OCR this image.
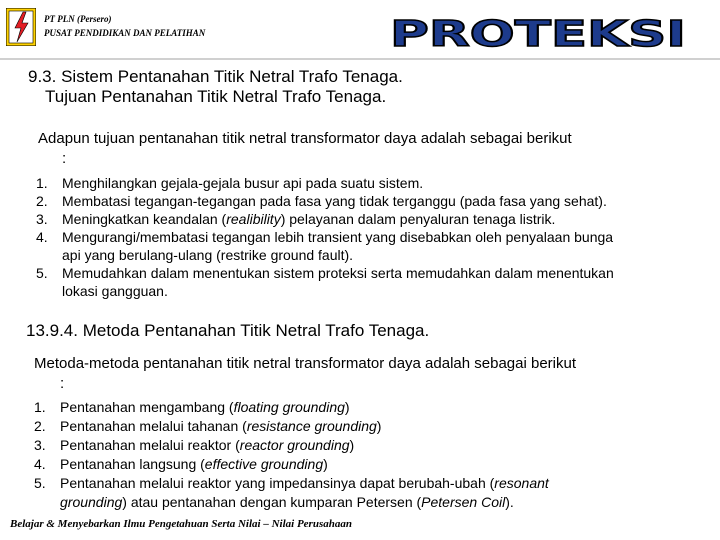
PT PLN (Persero)
PUSAT PENDIDIKAN DAN PELATIHAN	PROTEKSI
9.3. Sistem Pentanahan Titik Netral Trafo Tenaga.
Tujuan Pentanahan Titik Netral Trafo Tenaga.
Adapun tujuan pentanahan titik netral transformator daya adalah sebagai berikut
:
1. Menghilangkan gejala-gejala busur api pada suatu sistem.
2. Membatasi tegangan-tegangan pada fasa yang tidak terganggu (pada fasa yang sehat).
3. Meningkatkan keandalan (realibility) pelayanan dalam penyaluran tenaga listrik.
4. Mengurangi/membatasi tegangan lebih transient yang disebabkan oleh penyalaan bunga
api yang berulang-ulang (restrike ground fault).
5. Memudahkan dalam menentukan sistem proteksi serta memudahkan dalam menentukan
lokasi gangguan.
13.9.4. Metoda Pentanahan Titik Netral Trafo Tenaga.
Metoda-metoda pentanahan titik netral transformator daya adalah sebagai berikut
:
1. Pentanahan mengambang (floating grounding)
2. Pentanahan melalui tahanan (resistance grounding)
3. Pentanahan melalui reaktor (reactor grounding)
4. Pentanahan langsung (effective grounding)
5. Pentanahan melalui reaktor yang impedansinya dapat berubah-ubah (resonant
grounding) atau pentanahan dengan kumparan Petersen (Petersen Coil).
Belajar & Menyebarkan Ilmu Pengetahuan Serta Nilai – Nilai Perusahaan
